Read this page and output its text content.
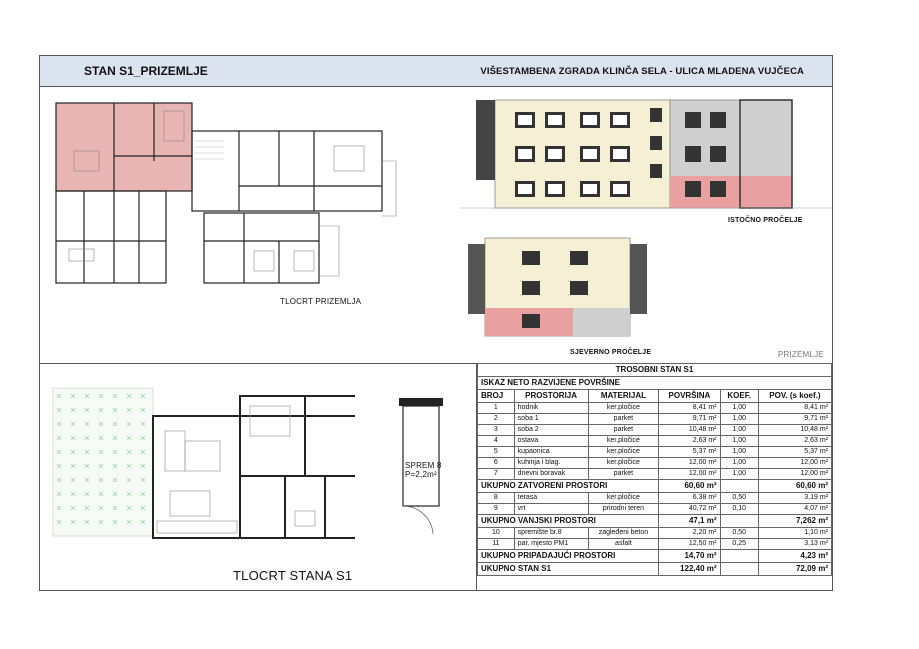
STAN S1_PRIZEMLJE	VIŠESTAMBENA ZGRADA KLINČA SELA - ULICA MLADENA VUJČECA
TLOCRT PRIZEMLJA
ISTOČNO PROČELJE
SJEVERNO PROČELJE	PRIZEMLJE
TLOCRT STANA S1
SPREM 8
P=2,2m²
TROSOBNI STAN S1					
ISKAZ NETO RAZVIJENE POVRŠINE					
BROJ	PROSTORIJA	MATERIJAL	POVRŠINA	KOEF.	POV. (s koef.)
1	hodnik	ker.pločice	8,41 m²	1,00	8,41 m²
2	soba 1	parket	9,71 m²	1,00	9,71 m²
3	soba 2	parket	10,48 m²	1,00	10,48 m²
4	ostava	ker.pločice	2,63 m²	1,00	2,63 m²
5	kupaonica	ker.pločice	5,37 m²	1,00	5,37 m²
6	kuhinja i blag.	ker.pločice	12,00 m²	1,00	12,00 m²
7	dnevni boravak	parket	12,00 m²	1,00	12,00 m²
UKUPNO ZATVORENI PROSTORI			60,60 m²		60,60 m²
8	terasa	ker.pločice	6,38 m²	0,50	3,19 m²
9	vrt	prirodni teren	40,72 m²	0,10	4,07 m²
UKUPNO VANJSKI PROSTORI			47,1 m²		7,262 m²
10	spremište br.8	zaglеđeni beton	2,20 m²	0,50	1,10 m²
11	par. mjesto PM1	asfalt	12,50 m²	0,25	3,13 m²
UKUPNO PRIPADAJUĆI PROSTORI			14,70 m²		4,23 m²
UKUPNO STAN S1			122,40 m²		72,09 m²
